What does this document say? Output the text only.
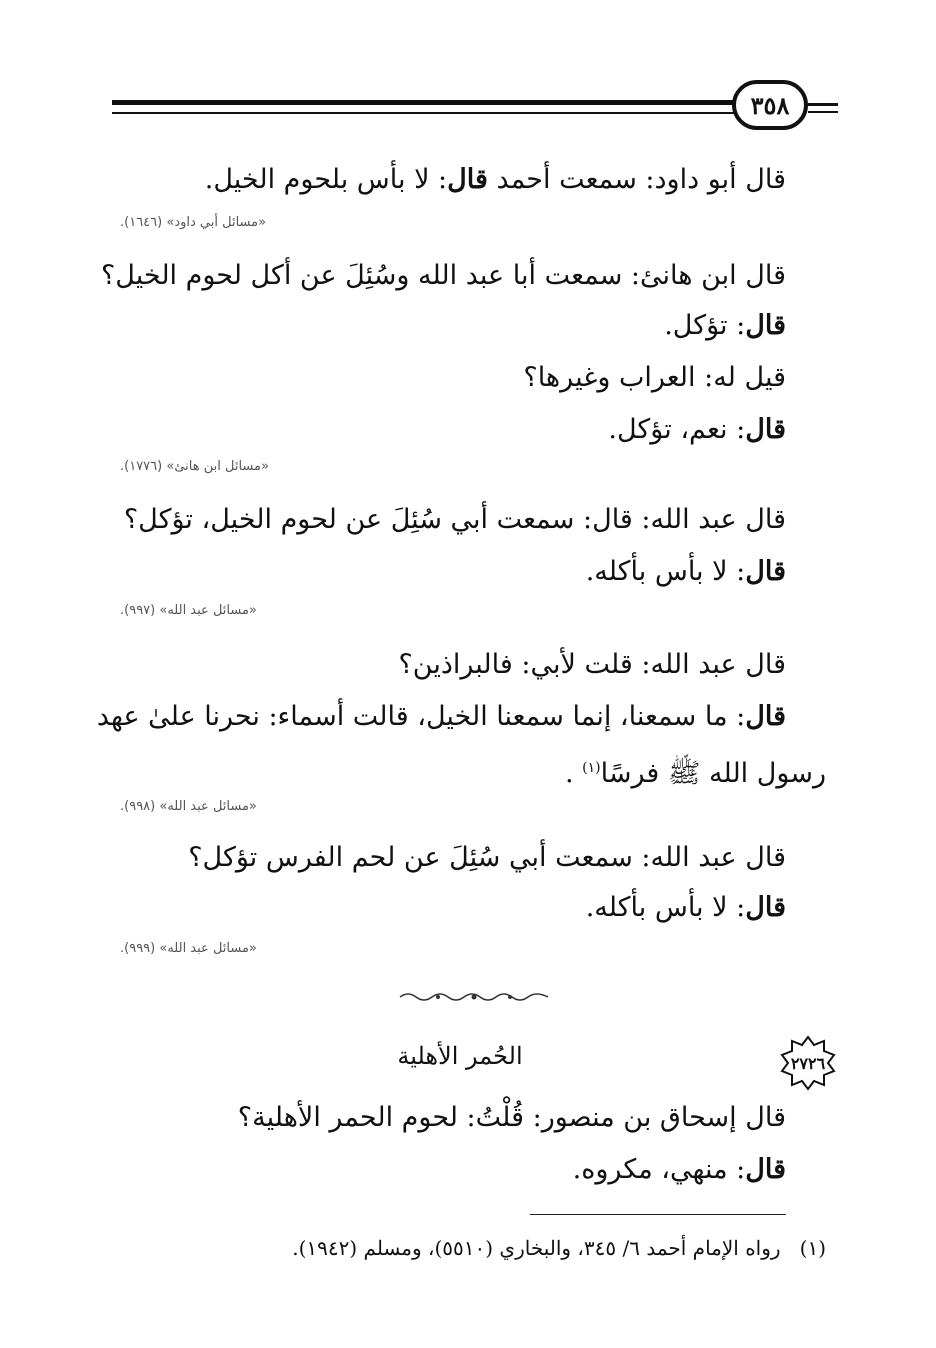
٣٥٨
قال أبو داود: سمعت أحمد قال: لا بأس بلحوم الخيل.
«مسائل أبي داود» (١٦٤٦).
قال ابن هانئ: سمعت أبا عبد الله وسُئِلَ عن أكل لحوم الخيل؟
قال: تؤكل.
قيل له: العراب وغيرها؟
قال: نعم، تؤكل.
«مسائل ابن هانئ» (١٧٧٦).
قال عبد الله: قال: سمعت أبي سُئِلَ عن لحوم الخيل، تؤكل؟
قال: لا بأس بأكله.
«مسائل عبد الله» (٩٩٧).
قال عبد الله: قلت لأبي: فالبراذين؟
قال: ما سمعنا، إنما سمعنا الخيل، قالت أسماء: نحرنا علىٰ عهد
رسول الله ﷺ فرسًا$^{(١)}$ .
«مسائل عبد الله» (٩٩٨).
قال عبد الله: سمعت أبي سُئِلَ عن لحم الفرس تؤكل؟
قال: لا بأس بأكله.
«مسائل عبد الله» (٩٩٩).
٢٧٢٦
الحُمر الأهلية
قال إسحاق بن منصور: قُلْتُ: لحوم الحمر الأهلية؟
قال: منهي، مكروه.
(١)   رواه الإمام أحمد ٦/ ٣٤٥، والبخاري (٥٥١٠)، ومسلم (١٩٤٢).
